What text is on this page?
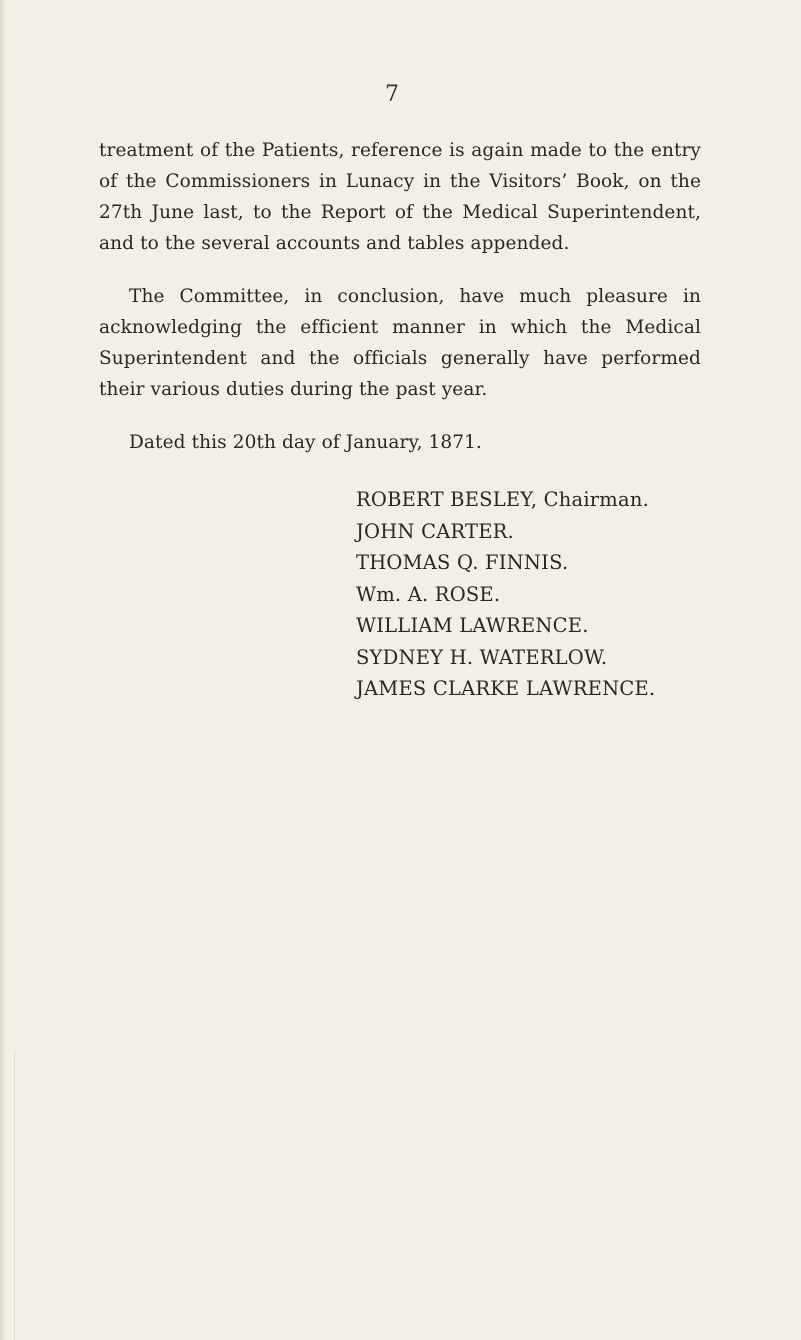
7

treatment of the Patients, reference is again made to the entry of the Commissioners in Lunacy in the Visitors’ Book, on the 27th June last, to the Report of the Medical Superintendent, and to the several accounts and tables appended.

The Committee, in conclusion, have much pleasure in acknowledging the efficient manner in which the Medical Superintendent and the officials generally have performed their various duties during the past year.

Dated this 20th day of January, 1871.

ROBERT BESLEY, Chairman.
JOHN CARTER.
THOMAS Q. FINNIS.
Wm. A. ROSE.
WILLIAM LAWRENCE.
SYDNEY H. WATERLOW.
JAMES CLARKE LAWRENCE.
